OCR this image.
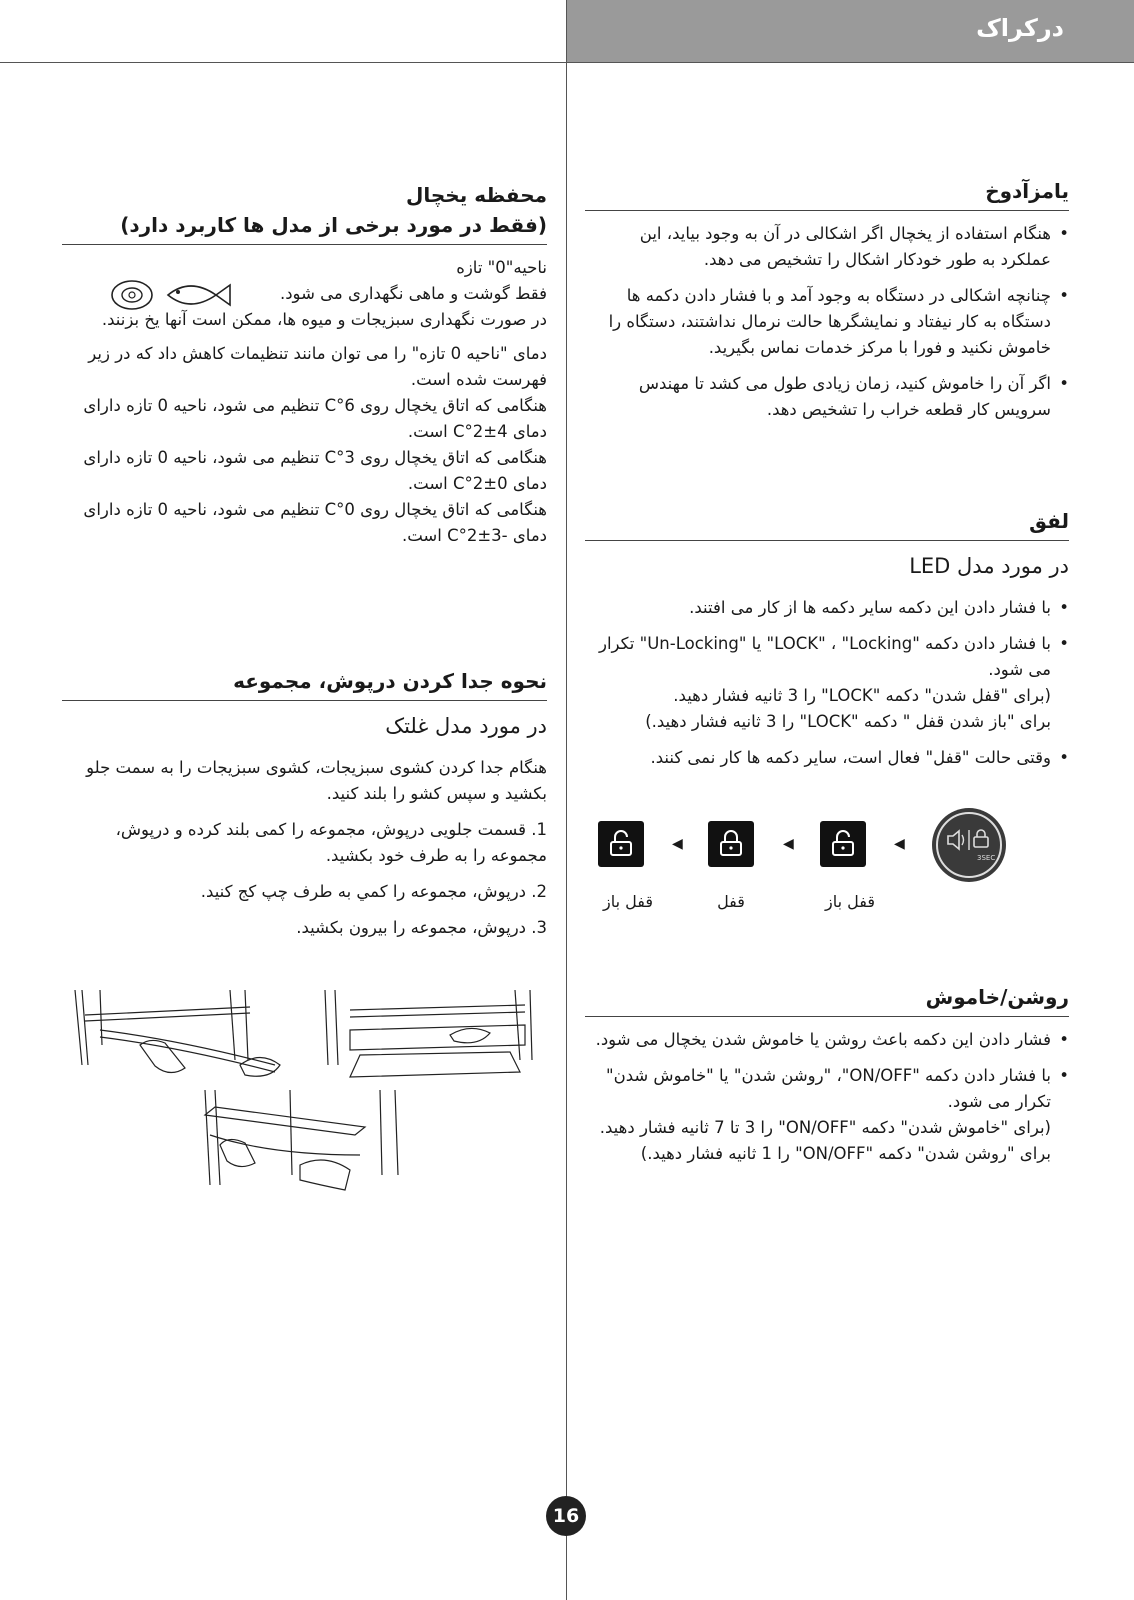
درکراک
یامزآدوخ
• هنگام استفاده از یخچال اگر اشکالی در آن به وجود بیاید، این عملکرد به طور خودکار اشکال را تشخیص می دهد.
• چنانچه اشکالی در دستگاه به وجود آمد و با فشار دادن دکمه ها دستگاه به کار نیفتاد و نمایشگرها حالت نرمال نداشتند، دستگاه را خاموش نکنید و فورا با مرکز خدمات نماس بگیرید.
• اگر آن را خاموش کنید، زمان زیادی طول می کشد تا مهندس سرویس کار قطعه خراب را تشخیص دهد.
لفق
در مورد مدل LED
• با فشار دادن این دکمه سایر دکمه ها از کار می افتند.
• با فشار دادن دکمه "LOCK" ، "Locking" یا "Un-Locking" تکرار می شود.
(برای "قفل شدن" دکمه "LOCK" را 3 ثانیه فشار دهید.
برای "باز شدن قفل " دکمه "LOCK" را 3 ثانیه فشار دهید.)
• وقتی حالت "قفل" فعال است، سایر دکمه ها کار نمی کنند.
◀	◀	◀
3SEC
قفل باز	قفل	قفل باز
روشن/خاموش
• فشار دادن این دکمه باعث روشن یا خاموش شدن یخچال می شود.
• با فشار دادن دکمه "ON/OFF"، "روشن شدن" یا "خاموش شدن" تکرار می شود.
(برای "خاموش شدن" دکمه "ON/OFF" را 3 تا 7 ثانیه فشار دهید. برای "روشن شدن" دکمه "ON/OFF" را 1 ثانیه فشار دهید.)
محفظه یخچال
(فقط در مورد برخی از مدل ها کاربرد دارد)

ناحیه"0" تازه

فقط گوشت و ماهی نگهداری می شود.

در صورت نگهداری سبزیجات و میوه ها، ممکن است آنها یخ بزنند.

دمای "ناحیه 0 تازه" را می توان مانند تنظیمات کاهش داد که در زیر فهرست شده است.

هنگامی که اتاق یخچال روی 6°C تنظیم می شود، ناحیه 0 تازه دارای دمای 4±2°C است.

هنگامی که اتاق یخچال روی 3°C تنظیم می شود، ناحیه 0 تازه دارای دمای 0±2°C است.

هنگامی که اتاق یخچال روی 0°C تنظیم می شود، ناحیه 0 تازه دارای دمای -3±2°C است.

نحوه جدا کردن درپوش، مجموعه
در مورد مدل غلتک

هنگام جدا کردن کشوی سبزیجات، کشوی سبزیجات را به سمت جلو بکشید و سپس کشو را بلند کنید.

1. قسمت جلویی درپوش، مجموعه را کمی بلند کرده و درپوش، مجموعه را به طرف خود بکشید.
2. درپوش، مجموعه را کمي به طرف چپ كج کنید.
3. درپوش، مجموعه را بیرون بکشید.
16
